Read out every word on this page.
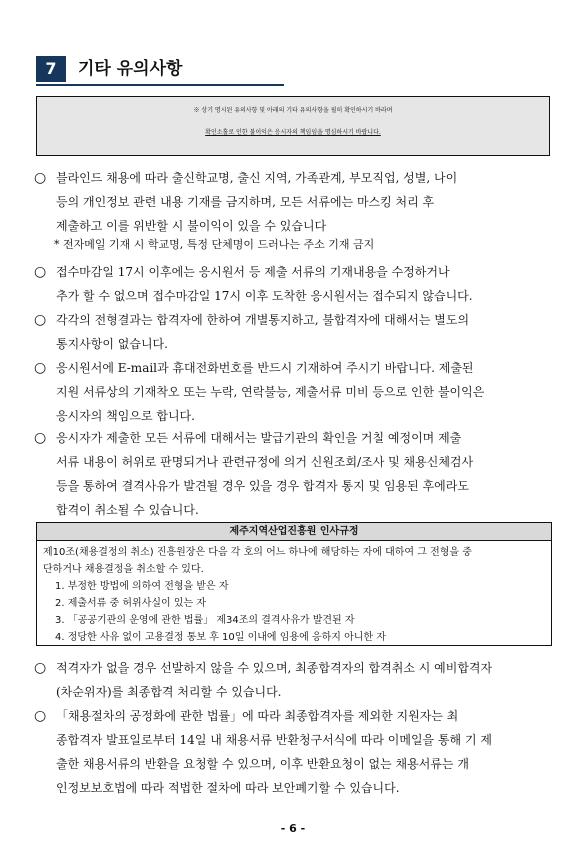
7	기타 유의사항
※ 상기 명시된 유의사항 및 아래의 기타 유의사항을 필히 확인하시기 바라며
확인소홀로 인한 불이익은 응시자의 책임임을 명심하시기 바랍니다.
○ 블라인드 채용에 따라 출신학교명, 출신 지역, 가족관계, 부모직업, 성별, 나이
등의 개인정보 관련 내용 기재를 금지하며, 모든 서류에는 마스킹 처리 후
제출하고 이를 위반할 시 불이익이 있을 수 있습니다
* 전자메일 기재 시 학교명, 특정 단체명이 드러나는 주소 기재 금지
○ 접수마감일 17시 이후에는 응시원서 등 제출 서류의 기재내용을 수정하거나
추가 할 수 없으며 접수마감일 17시 이후 도착한 응시원서는 접수되지 않습니다.
○ 각각의 전형결과는 합격자에 한하여 개별통지하고, 불합격자에 대해서는 별도의
통지사항이 없습니다.
○ 응시원서에 E-mail과 휴대전화번호를 반드시 기재하여 주시기 바랍니다. 제출된
지원 서류상의 기재착오 또는 누락, 연락불능, 제출서류 미비 등으로 인한 불이익은
응시자의 책임으로 합니다.
○ 응시자가 제출한 모든 서류에 대해서는 발급기관의 확인을 거칠 예정이며 제출
서류 내용이 허위로 판명되거나 관련규정에 의거 신원조회/조사 및 채용신체검사
등을 통하여 결격사유가 발견될 경우 있을 경우 합격자 통지 및 임용된 후에라도
합격이 취소될 수 있습니다.
제주지역산업진흥원 인사규정
제10조(채용결정의 취소) 진흥원장은 다음 각 호의 어느 하나에 해당하는 자에 대하여 그 전형을 중
단하거나 채용결정을 취소할 수 있다.
1. 부정한 방법에 의하여 전형을 받은 자
2. 제출서류 중 허위사실이 있는 자
3. 「공공기관의 운영에 관한 법률」 제34조의 결격사유가 발견된 자
4. 정당한 사유 없이 고용결정 통보 후 10일 이내에 임용에 응하지 아니한 자
○ 적격자가 없을 경우 선발하지 않을 수 있으며, 최종합격자의 합격취소 시 예비합격자
(차순위자)를 최종합격 처리할 수 있습니다.
○ 「채용절차의 공정화에 관한 법률」에 따라 최종합격자를 제외한 지원자는 최
종합격자 발표일로부터 14일 내 채용서류 반환청구서식에 따라 이메일을 통해 기 제
출한 채용서류의 반환을 요청할 수 있으며, 이후 반환요청이 없는 채용서류는 개
인정보보호법에 따라 적법한 절차에 따라 보안폐기할 수 있습니다.
- 6 -
